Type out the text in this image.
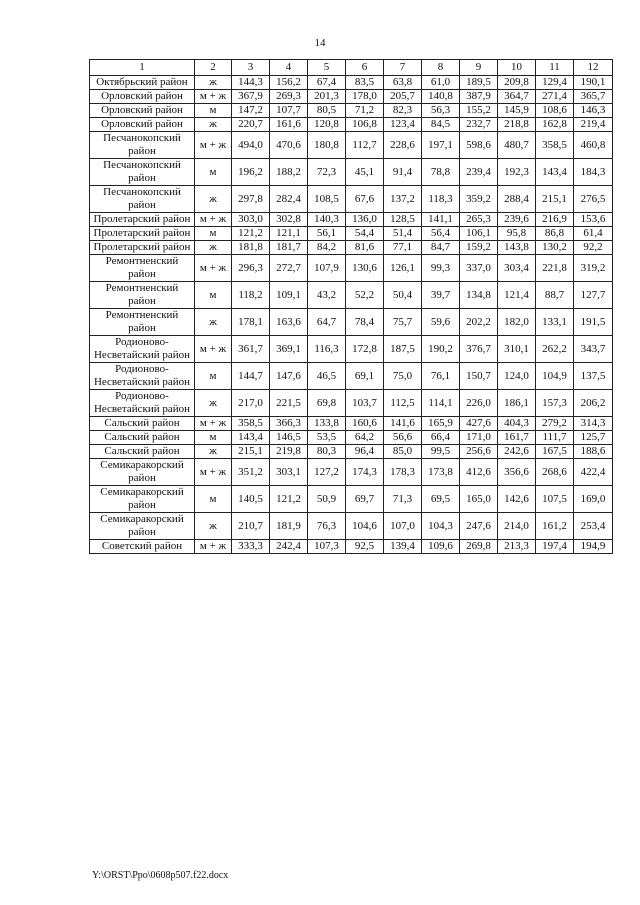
14
1	2	3	4	5	6	7	8	9	10	11	12
Октябрьский район	ж	144,3	156,2	67,4	83,5	63,8	61,0	189,5	209,8	129,4	190,1
Орловский район	м + ж	367,9	269,3	201,3	178,0	205,7	140,8	387,9	364,7	271,4	365,7
Орловский район	м	147,2	107,7	80,5	71,2	82,3	56,3	155,2	145,9	108,6	146,3
Орловский район	ж	220,7	161,6	120,8	106,8	123,4	84,5	232,7	218,8	162,8	219,4
Песчанокопский район	м + ж	494,0	470,6	180,8	112,7	228,6	197,1	598,6	480,7	358,5	460,8
Песчанокопский район	м	196,2	188,2	72,3	45,1	91,4	78,8	239,4	192,3	143,4	184,3
Песчанокопский район	ж	297,8	282,4	108,5	67,6	137,2	118,3	359,2	288,4	215,1	276,5
Пролетарский район	м + ж	303,0	302,8	140,3	136,0	128,5	141,1	265,3	239,6	216,9	153,6
Пролетарский район	м	121,2	121,1	56,1	54,4	51,4	56,4	106,1	95,8	86,8	61,4
Пролетарский район	ж	181,8	181,7	84,2	81,6	77,1	84,7	159,2	143,8	130,2	92,2
Ремонтненский район	м + ж	296,3	272,7	107,9	130,6	126,1	99,3	337,0	303,4	221,8	319,2
Ремонтненский район	м	118,2	109,1	43,2	52,2	50,4	39,7	134,8	121,4	88,7	127,7
Ремонтненский район	ж	178,1	163,6	64,7	78,4	75,7	59,6	202,2	182,0	133,1	191,5
Родионово-Несветайский район	м + ж	361,7	369,1	116,3	172,8	187,5	190,2	376,7	310,1	262,2	343,7
Родионово-Несветайский район	м	144,7	147,6	46,5	69,1	75,0	76,1	150,7	124,0	104,9	137,5
Родионово-Несветайский район	ж	217,0	221,5	69,8	103,7	112,5	114,1	226,0	186,1	157,3	206,2
Сальский район	м + ж	358,5	366,3	133,8	160,6	141,6	165,9	427,6	404,3	279,2	314,3
Сальский район	м	143,4	146,5	53,5	64,2	56,6	66,4	171,0	161,7	111,7	125,7
Сальский район	ж	215,1	219,8	80,3	96,4	85,0	99,5	256,6	242,6	167,5	188,6
Семикаракорский район	м + ж	351,2	303,1	127,2	174,3	178,3	173,8	412,6	356,6	268,6	422,4
Семикаракорский район	м	140,5	121,2	50,9	69,7	71,3	69,5	165,0	142,6	107,5	169,0
Семикаракорский район	ж	210,7	181,9	76,3	104,6	107,0	104,3	247,6	214,0	161,2	253,4
Советский район	м + ж	333,3	242,4	107,3	92,5	139,4	109,6	269,8	213,3	197,4	194,9
Y:\ORST\Ppo\0608p507.f22.docx
